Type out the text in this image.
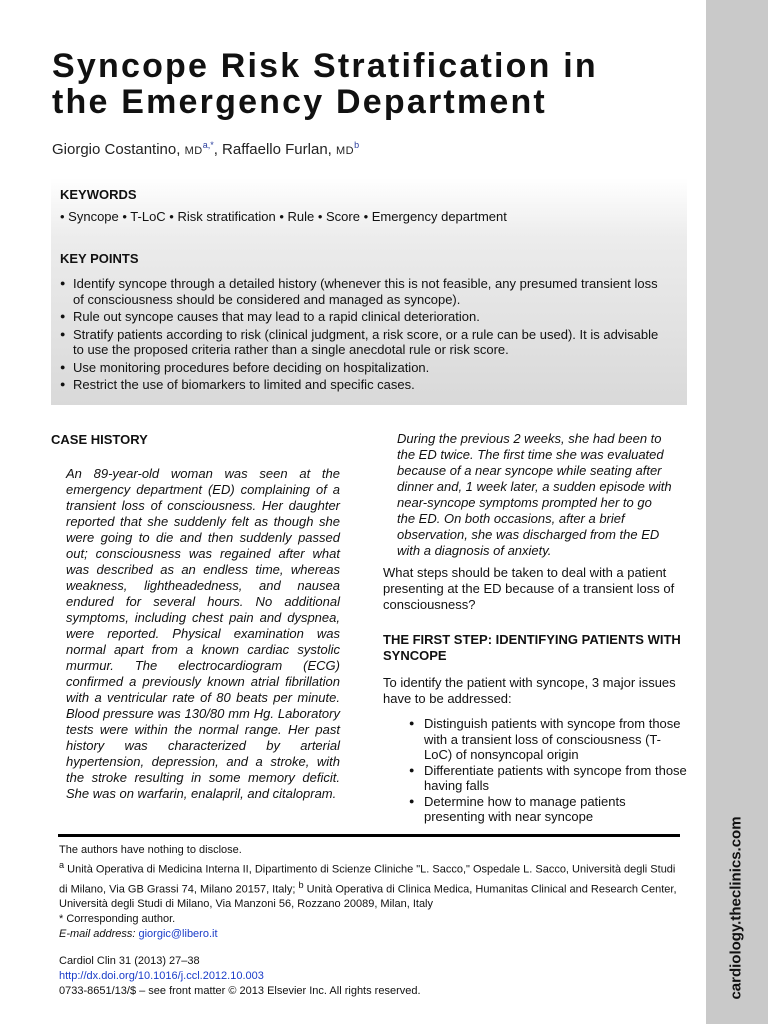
cardiology.theclinics.com
Syncope Risk Stratification in
the Emergency Department
Giorgio Costantino, $MD^{a,*}$, Raffaello Furlan, $MD^b$
KEYWORDS
• Syncope • T-LoC • Risk stratification • Rule • Score • Emergency department
KEY POINTS
● Identify syncope through a detailed history (whenever this is not feasible, any presumed transient loss of consciousness should be considered and managed as syncope).
● Rule out syncope causes that may lead to a rapid clinical deterioration.
● Stratify patients according to risk (clinical judgment, a risk score, or a rule can be used). It is advisable to use the proposed criteria rather than a single anecdotal rule or risk score.
● Use monitoring procedures before deciding on hospitalization.
● Restrict the use of biomarkers to limited and specific cases.
CASE HISTORY
An 89-year-old woman was seen at the emergency department (ED) complaining of a transient loss of consciousness. Her daughter reported that she suddenly felt as though she were going to die and then suddenly passed out; consciousness was regained after what was described as an endless time, whereas weakness, lightheadedness, and nausea endured for several hours. No additional symptoms, including chest pain and dyspnea, were reported. Physical examination was normal apart from a known cardiac systolic murmur. The electrocardiogram (ECG) confirmed a previously known atrial fibrillation with a ventricular rate of 80 beats per minute. Blood pressure was 130/80 mm Hg. Laboratory tests were within the normal range. Her past history was characterized by arterial hypertension, depression, and a stroke, with the stroke resulting in some memory deficit. She was on warfarin, enalapril, and citalopram.
During the previous 2 weeks, she had been to the ED twice. The first time she was evaluated because of a near syncope while seating after dinner and, 1 week later, a sudden episode with near-syncope symptoms prompted her to go the ED. On both occasions, after a brief observation, she was discharged from the ED with a diagnosis of anxiety.
What steps should be taken to deal with a patient presenting at the ED because of a transient loss of consciousness?
THE FIRST STEP: IDENTIFYING PATIENTS WITH SYNCOPE
To identify the patient with syncope, 3 major issues have to be addressed:
● Distinguish patients with syncope from those with a transient loss of consciousness (T-LoC) of nonsyncopal origin
● Differentiate patients with syncope from those having falls
● Determine how to manage patients presenting with near syncope

The authors have nothing to disclose.

$^a$ Unità Operativa di Medicina Interna II, Dipartimento di Scienze Cliniche "L. Sacco," Ospedale L. Sacco, Università degli Studi di Milano, Via GB Grassi 74, Milano 20157, Italy; $^b$ Unità Operativa di Clinica Medica, Humanitas Clinical and Research Center, Università degli Studi di Milano, Via Manzoni 56, Rozzano 20089, Milan, Italy

* Corresponding author.

E-mail address: giorgic@libero.it

Cardiol Clin 31 (2013) 27–38

http://dx.doi.org/10.1016/j.ccl.2012.10.003

0733-8651/13/$ – see front matter © 2013 Elsevier Inc. All rights reserved.
